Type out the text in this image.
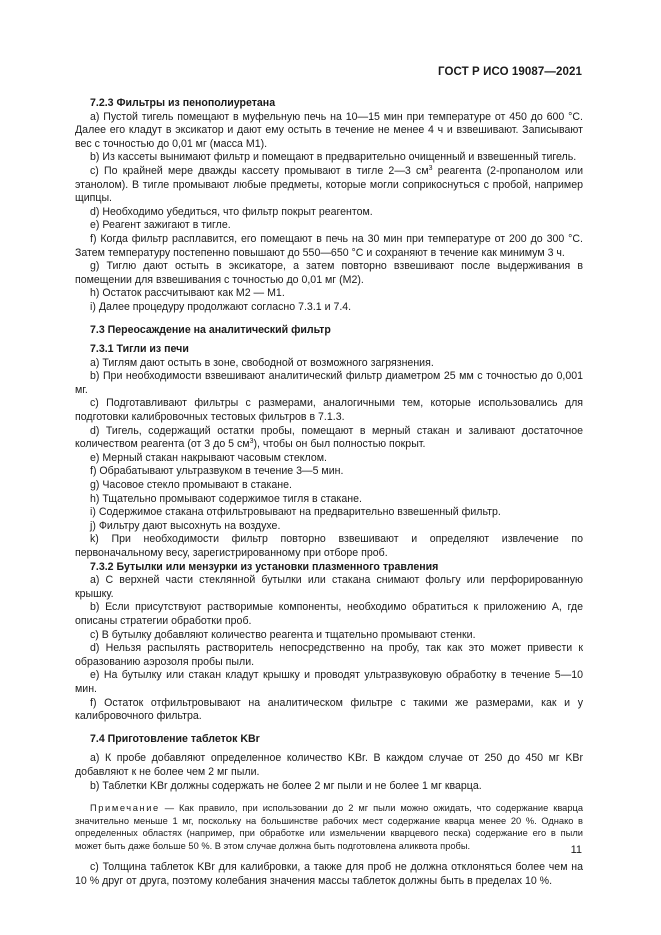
ГОСТ Р ИСО 19087—2021

7.2.3 Фильтры из пенополиуретана

a) Пустой тигель помещают в муфельную печь на 10—15 мин при температуре от 450 до 600 °С. Далее его кладут в эксикатор и дают ему остыть в течение не менее 4 ч и взвешивают. Записывают вес с точностью до 0,01 мг (масса М1).

b) Из кассеты вынимают фильтр и помещают в предварительно очищенный и взвешенный тигель.

c) По крайней мере дважды кассету промывают в тигле 2—3 $см^3$ реагента (2-пропанолом или этанолом). В тигле промывают любые предметы, которые могли соприкоснуться с пробой, например щипцы.

d) Необходимо убедиться, что фильтр покрыт реагентом.

e) Реагент зажигают в тигле.

f) Когда фильтр расплавится, его помещают в печь на 30 мин при температуре от 200 до 300 °С. Затем температуру постепенно повышают до 550—650 °С и сохраняют в течение как минимум 3 ч.

g) Тиглю дают остыть в эксикаторе, а затем повторно взвешивают после выдерживания в помещении для взвешивания с точностью до 0,01 мг (М2).

h) Остаток рассчитывают как М2 — М1.

i) Далее процедуру продолжают согласно 7.3.1 и 7.4.

7.3 Переосаждение на аналитический фильтр

7.3.1 Тигли из печи

a) Тиглям дают остыть в зоне, свободной от возможного загрязнения.

b) При необходимости взвешивают аналитический фильтр диаметром 25 мм с точностью до 0,001 мг.

c) Подготавливают фильтры с размерами, аналогичными тем, которые использовались для подготовки калибровочных тестовых фильтров в 7.1.3.

d) Тигель, содержащий остатки пробы, помещают в мерный стакан и заливают достаточное количеством реагента (от 3 до 5 $см^3$), чтобы он был полностью покрыт.

e) Мерный стакан накрывают часовым стеклом.

f) Обрабатывают ультразвуком в течение 3—5 мин.

g) Часовое стекло промывают в стакане.

h) Тщательно промывают содержимое тигля в стакане.

i) Содержимое стакана отфильтровывают на предварительно взвешенный фильтр.

j) Фильтру дают высохнуть на воздухе.

k) При необходимости фильтр повторно взвешивают и определяют извлечение по первоначальному весу, зарегистрированному при отборе проб.

7.3.2 Бутылки или мензурки из установки плазменного травления

a) С верхней части стеклянной бутылки или стакана снимают фольгу или перфорированную крышку.

b) Если присутствуют растворимые компоненты, необходимо обратиться к приложению А, где описаны стратегии обработки проб.

c) В бутылку добавляют количество реагента и тщательно промывают стенки.

d) Нельзя распылять растворитель непосредственно на пробу, так как это может привести к образованию аэрозоля пробы пыли.

e) На бутылку или стакан кладут крышку и проводят ультразвуковую обработку в течение 5—10 мин.

f) Остаток отфильтровывают на аналитическом фильтре с такими же размерами, как и у калибровочного фильтра.

7.4 Приготовление таблеток KBr

a) К пробе добавляют определенное количество KBr. В каждом случае от 250 до 450 мг KBr добавляют к не более чем 2 мг пыли.

b) Таблетки KBr должны содержать не более 2 мг пыли и не более 1 мг кварца.

Примечание — Как правило, при использовании до 2 мг пыли можно ожидать, что содержание кварца значительно меньше 1 мг, поскольку на большинстве рабочих мест содержание кварца менее 20 %. Однако в определенных областях (например, при обработке или измельчении кварцевого песка) содержание его в пыли может быть даже больше 50 %. В этом случае должна быть подготовлена аликвота пробы.

c) Толщина таблеток KBr для калибровки, а также для проб не должна отклоняться более чем на 10 % друг от друга, поэтому колебания значения массы таблеток должны быть в пределах 10 %.

11
